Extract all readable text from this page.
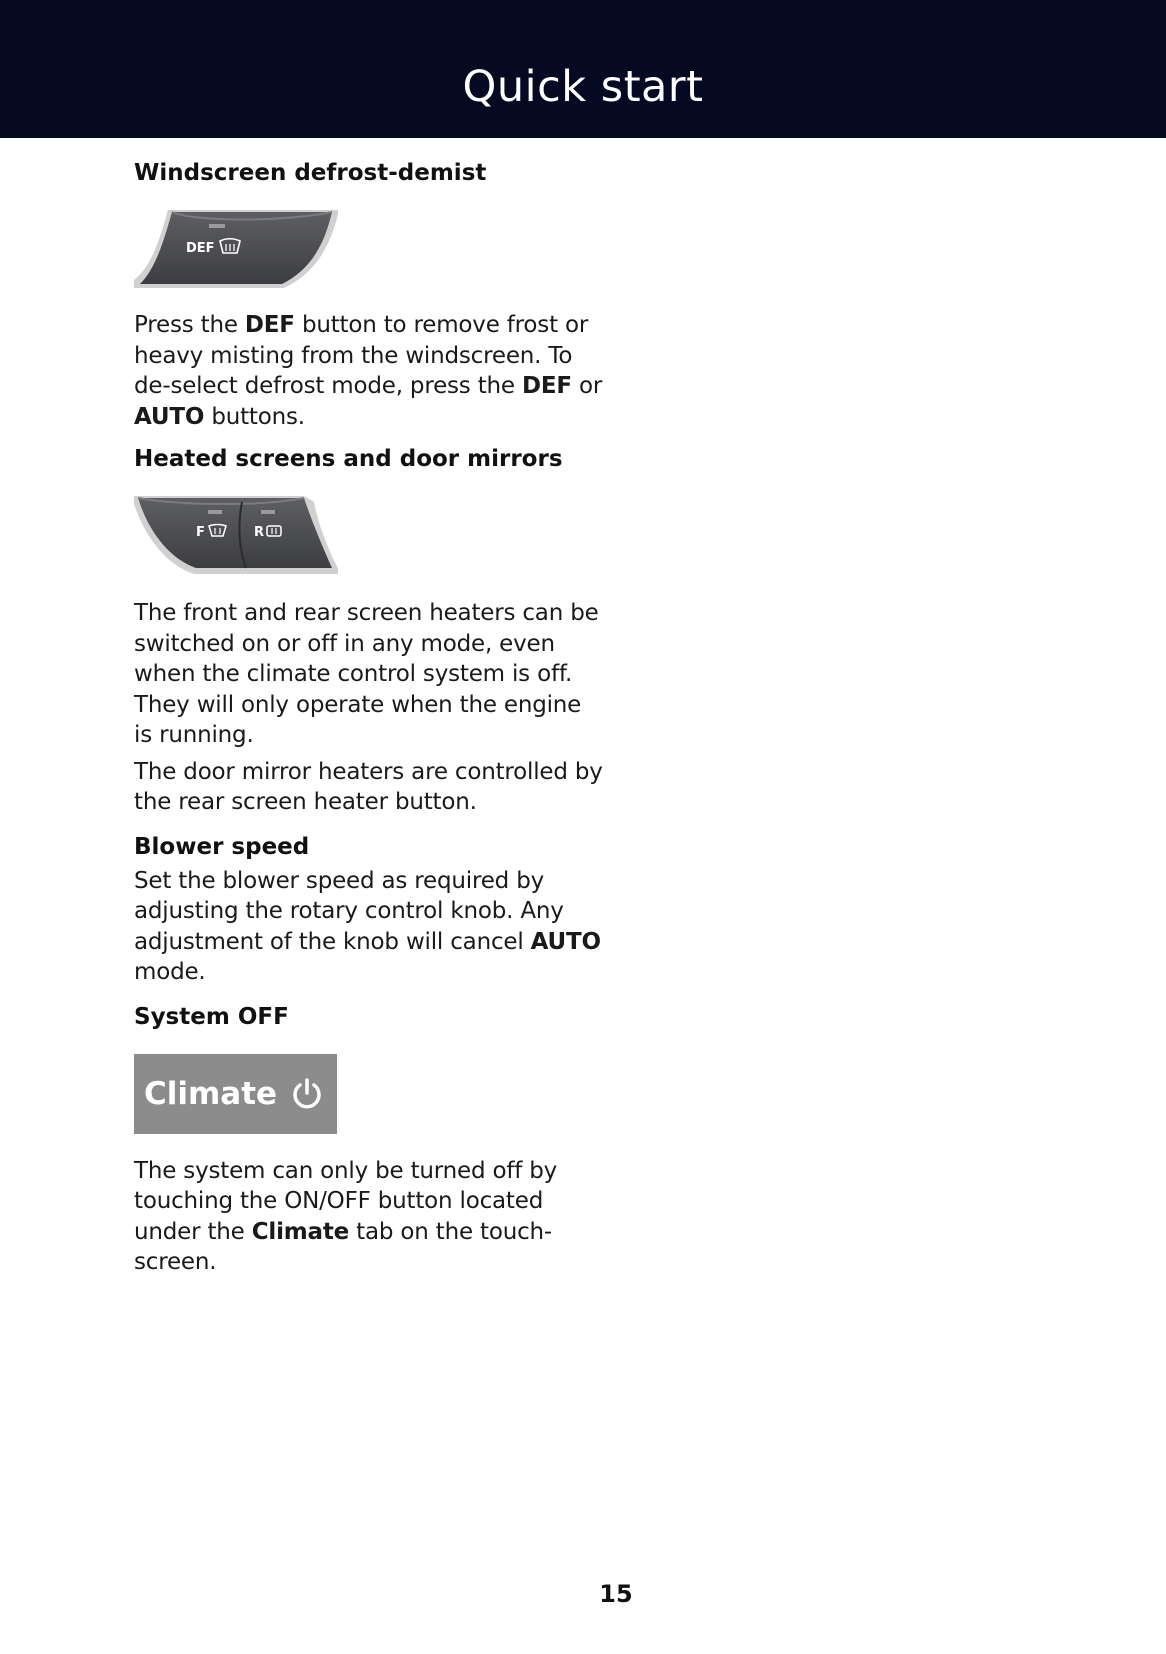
Quick start
Windscreen defrost-demist
DEF

Press the DEF button to remove frost or heavy misting from the windscreen. To de-select defrost mode, press the DEF or AUTO buttons.

Heated screens and door mirrors
F	R

The front and rear screen heaters can be switched on or off in any mode, even when the climate control system is off. They will only operate when the engine is running.

The door mirror heaters are controlled by the rear screen heater button.

Blower speed

Set the blower speed as required by adjusting the rotary control knob. Any adjustment of the knob will cancel AUTO mode.

System OFF
Climate

The system can only be turned off by touching the ON/OFF button located under the Climate tab on the touch-screen.

15
